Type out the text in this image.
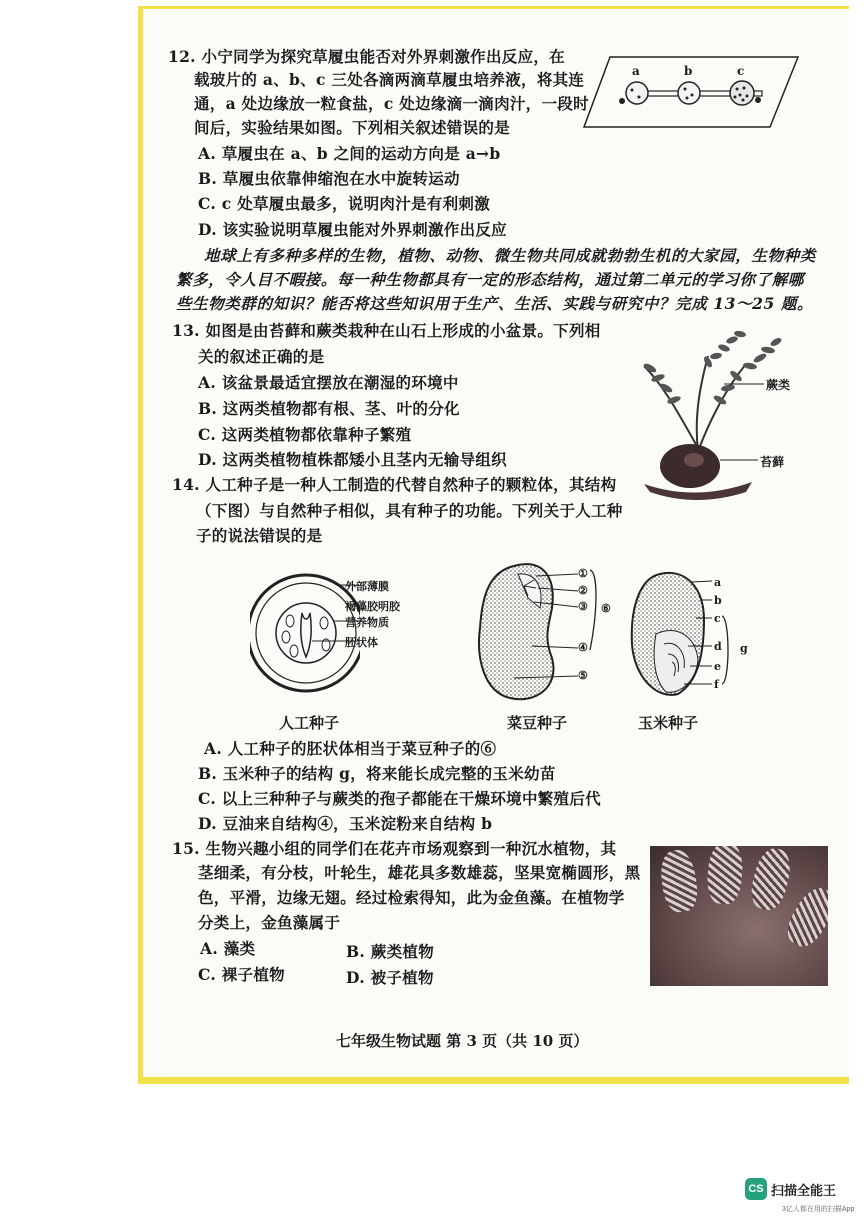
12. 小宁同学为探究草履虫能否对外界刺激作出反应，在
载玻片的 a、b、c 三处各滴两滴草履虫培养液，将其连
通，a 处边缘放一粒食盐，c 处边缘滴一滴肉汁，一段时
间后，实验结果如图。下列相关叙述错误的是
A. 草履虫在 a、b 之间的运动方向是 a→b
B. 草履虫依靠伸缩泡在水中旋转运动
C. c 处草履虫最多，说明肉汁是有利刺激
D. 该实验说明草履虫能对外界刺激作出反应
a	b	c
地球上有多种多样的生物，植物、动物、微生物共同成就勃勃生机的大家园，生物种类
繁多，令人目不暇接。每一种生物都具有一定的形态结构，通过第二单元的学习你了解哪
些生物类群的知识？能否将这些知识用于生产、生活、实践与研究中？完成 13～25 题。
13. 如图是由苔藓和蕨类栽种在山石上形成的小盆景。下列相
关的叙述正确的是
A. 该盆景最适宜摆放在潮湿的环境中
B. 这两类植物都有根、茎、叶的分化
C. 这两类植物都依靠种子繁殖
D. 这两类植物植株都矮小且茎内无输导组织
蕨类
苔藓
14. 人工种子是一种人工制造的代替自然种子的颗粒体，其结构
（下图）与自然种子相似，具有种子的功能。下列关于人工种
子的说法错误的是
外部薄膜
褐藻胶明胶
营养物质
胚状体
①
②
③
④
⑤
⑥
a
b
c
d
e
f
g
人工种子	菜豆种子	玉米种子
A. 人工种子的胚状体相当于菜豆种子的⑥
B. 玉米种子的结构 g，将来能长成完整的玉米幼苗
C. 以上三种种子与蕨类的孢子都能在干燥环境中繁殖后代
D. 豆油来自结构④，玉米淀粉来自结构 b
15. 生物兴趣小组的同学们在花卉市场观察到一种沉水植物，其
茎细柔，有分枝，叶轮生，雄花具多数雄蕊，坚果宽椭圆形，黑
色，平滑，边缘无翅。经过检索得知，此为金鱼藻。在植物学
分类上，金鱼藻属于
A. 藻类	B. 蕨类植物
C. 裸子植物	D. 被子植物
七年级生物试题 第 3 页（共 10 页）
CS 扫描全能王
3亿人都在用的扫描App
